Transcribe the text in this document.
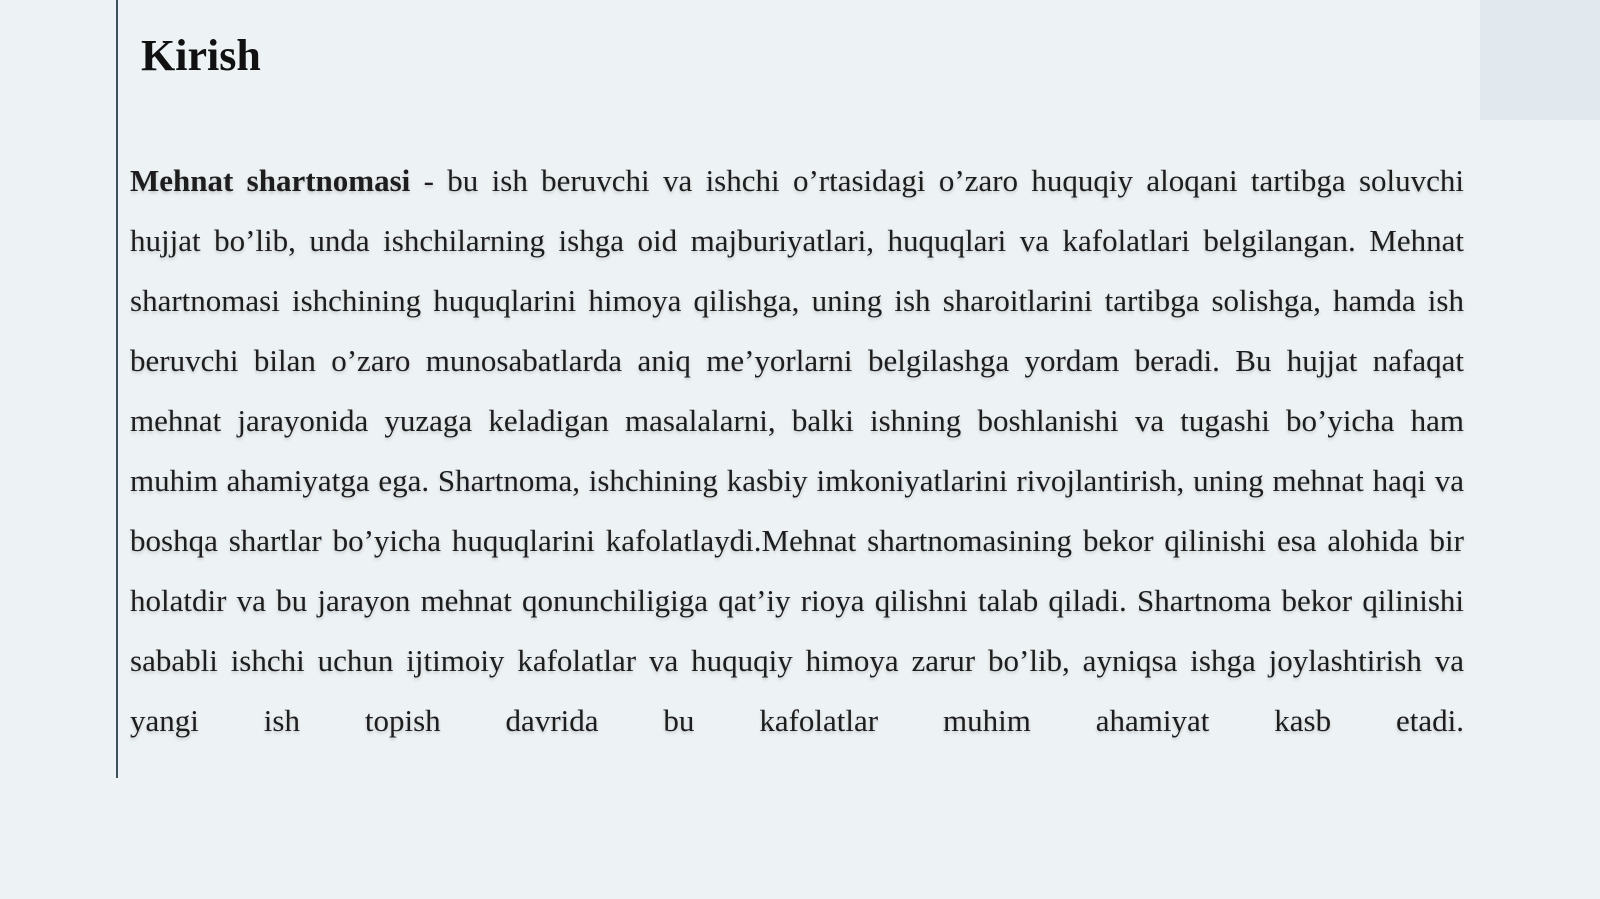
Kirish

Mehnat shartnomasi - bu ish beruvchi va ishchi o’rtasidagi o’zaro huquqiy aloqani tartibga soluvchi hujjat bo’lib, unda ishchilarning ishga oid majburiyatlari, huquqlari va kafolatlari belgilangan. Mehnat shartnomasi ishchining huquqlarini himoya qilishga, uning ish sharoitlarini tartibga solishga, hamda ish beruvchi bilan o’zaro munosabatlarda aniq me’yorlarni belgilashga yordam beradi. Bu hujjat nafaqat mehnat jarayonida yuzaga keladigan masalalarni, balki ishning boshlanishi va tugashi bo’yicha ham muhim ahamiyatga ega. Shartnoma, ishchining kasbiy imkoniyatlarini rivojlantirish, uning mehnat haqi va boshqa shartlar bo’yicha huquqlarini kafolatlaydi.Mehnat shartnomasining bekor qilinishi esa alohida bir holatdir va bu jarayon mehnat qonunchiligiga qat’iy rioya qilishni talab qiladi. Shartnoma bekor qilinishi sababli ishchi uchun ijtimoiy kafolatlar va huquqiy himoya zarur bo’lib, ayniqsa ishga joylashtirish va yangi ish topish davrida bu kafolatlar muhim ahamiyat kasb etadi.
